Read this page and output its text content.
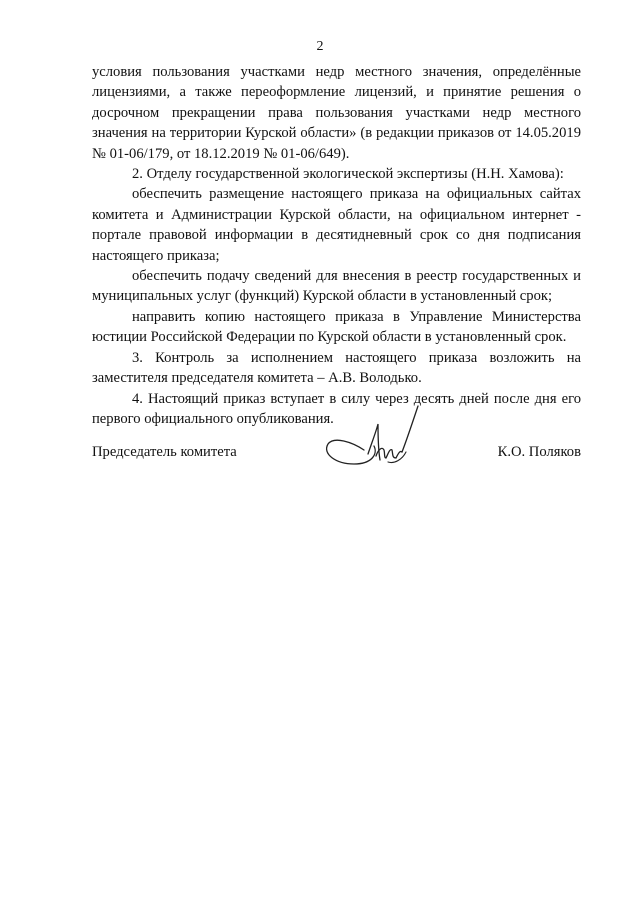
2

условия пользования участками недр местного значения, определённые лицензиями, а также переоформление лицензий, и принятие решения о досрочном прекращении права пользования участками недр местного значения на территории Курской области» (в редакции приказов от 14.05.2019 № 01-06/179, от 18.12.2019 № 01-06/649).

2. Отделу государственной экологической экспертизы (Н.Н. Хамова):

обеспечить размещение настоящего приказа на официальных сайтах комитета и Администрации Курской области, на официальном интернет - портале правовой информации в десятидневный срок со дня подписания настоящего приказа;

обеспечить подачу сведений для внесения в реестр государственных и муниципальных услуг (функций) Курской области в установленный срок;

направить копию настоящего приказа в Управление Министерства юстиции Российской Федерации по Курской области в установленный срок.

3. Контроль за исполнением настоящего приказа возложить на заместителя председателя комитета – А.В. Володько.

4. Настоящий приказ вступает в силу через десять дней после дня его первого официального опубликования.

Председатель комитета	К.О. Поляков
